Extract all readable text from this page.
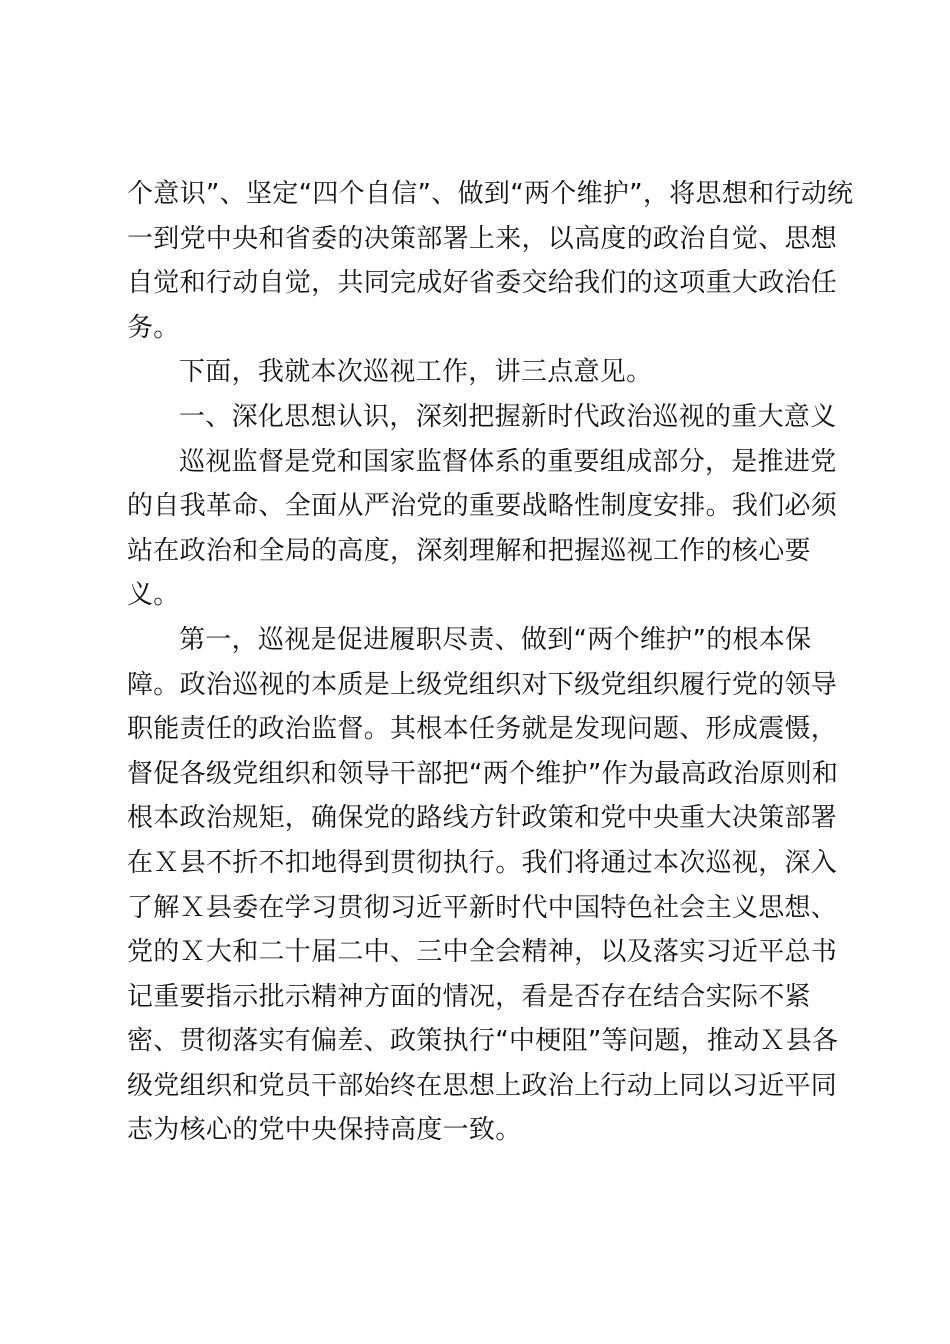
个意识”、坚定“四个自信”、做到“两个维护”，将思想和行动统
一到党中央和省委的决策部署上来，以高度的政治自觉、思想
自觉和行动自觉，共同完成好省委交给我们的这项重大政治任
务。
下面，我就本次巡视工作，讲三点意见。
一、深化思想认识，深刻把握新时代政治巡视的重大意义
巡视监督是党和国家监督体系的重要组成部分，是推进党
的自我革命、全面从严治党的重要战略性制度安排。我们必须
站在政治和全局的高度，深刻理解和把握巡视工作的核心要
义。
第一，巡视是促进履职尽责、做到“两个维护”的根本保
障。政治巡视的本质是上级党组织对下级党组织履行党的领导
职能责任的政治监督。其根本任务就是发现问题、形成震慑，
督促各级党组织和领导干部把“两个维护”作为最高政治原则和
根本政治规矩，确保党的路线方针政策和党中央重大决策部署
在Ｘ县不折不扣地得到贯彻执行。我们将通过本次巡视，深入
了解Ｘ县委在学习贯彻习近平新时代中国特色社会主义思想、
党的Ｘ大和二十届二中、三中全会精神，以及落实习近平总书
记重要指示批示精神方面的情况，看是否存在结合实际不紧
密、贯彻落实有偏差、政策执行“中梗阻”等问题，推动Ｘ县各
级党组织和党员干部始终在思想上政治上行动上同以习近平同
志为核心的党中央保持高度一致。
